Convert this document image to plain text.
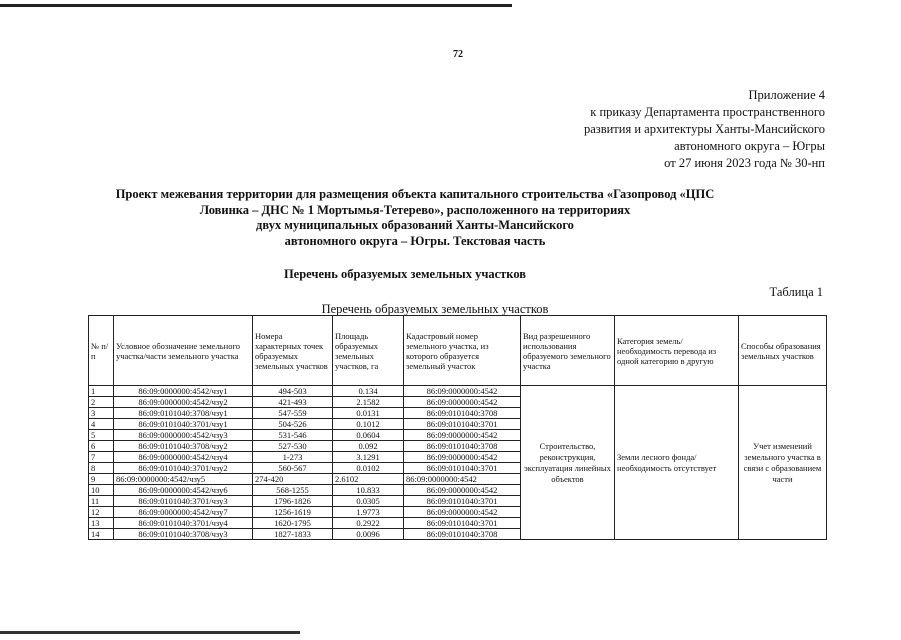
72
Приложение 4
к приказу Департамента пространственного
развития и архитектуры Ханты-Мансийского
автономного округа – Югры
от 27 июня 2023 года № 30-нп
Проект межевания территории для размещения объекта капитального строительства «Газопровод «ЦПС
Ловинка – ДНС № 1 Мортымья-Тетерево», расположенного на территориях
двух муниципальных образований Ханты-Мансийского
автономного округа – Югры. Текстовая часть
Перечень образуемых земельных участков
Таблица 1
Перечень образуемых земельных участков
№ п/п	Условное обозначение земельного участка/части земельного участка	Номера характерных точек образуемых земельных участков	Площадь образуемых земельных участков, га	Кадастровый номер земельного участка, из которого образуется земельный участок	Вид разрешенного использования образуемого земельного участка	Категория земель/необходимость перевода из одной категорию в другую	Способы образования земельных участков
1	86:09:0000000:4542/чзу1	494-503	0.134	86:09:0000000:4542	Строительство, реконструкция, эксплуатация линейных объектов	Земли лесного фонда/необходимость отсутствует	Учет изменений земельного участка в связи с образованием части
2	86:09:0000000:4542/чзу2	421-493	2.1582	86:09:0000000:4542			
3	86:09:0101040:3708/чзу1	547-559	0.0131	86:09:0101040:3708			
4	86:09:0101040:3701/чзу1	504-526	0.1012	86:09:0101040:3701			
5	86:09:0000000:4542/чзу3	531-546	0.0604	86:09:0000000:4542			
6	86:09:0101040:3708/чзу2	527-530	0.092	86:09:0101040:3708			
7	86:09:0000000:4542/чзу4	1-273	3.1291	86:09:0000000:4542			
8	86:09:0101040:3701/чзу2	560-567	0.0102	86:09:0101040:3701			
9	86:09:0000000:4542/чзу5	274-420	2.6102	86:09:0000000:4542			
10	86:09:0000000:4542/чзу6	568-1255	10.833	86:09:0000000:4542			
11	86:09:0101040:3701/чзу3	1796-1826	0.0305	86:09:0101040:3701			
12	86:09:0000000:4542/чзу7	1256-1619	1.9773	86:09:0000000:4542			
13	86:09:0101040:3701/чзу4	1620-1795	0.2922	86:09:0101040:3701			
14	86:09:0101040:3708/чзу3	1827-1833	0.0096	86:09:0101040:3708			
